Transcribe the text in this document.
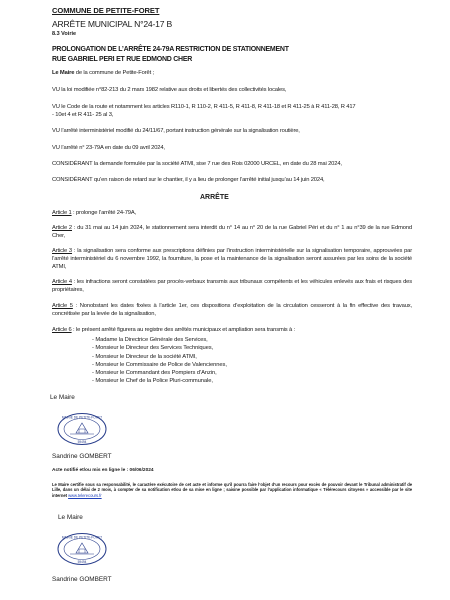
COMMUNE DE PETITE-FORET
ARRÊTE MUNICIPAL N°24-17 B
8.3 Voirie
PROLONGATION DE L’ARRÊTE 24-79A RESTRICTION DE STATIONNEMENT
RUE GABRIEL PERI ET RUE EDMOND CHER
Le Maire de la commune de Petite-Forêt ;
VU la loi modifiée n°82-213 du 2 mars 1982 relative aux droits et libertés des collectivités locales,
VU le Code de la route et notamment les articles R110-1, R 110-2, R 411-5, R 411-8, R 411-18 et R 411-25 à R 411-28, R 417
- 10et 4 et R 411- 25 al 3,
VU l’arrêté interministériel modifié du 24/11/67, portant instruction générale sur la signalisation routière,
VU l’arrêté n° 23-79A en date du 09 avril 2024,
CONSIDÉRANT la demande formulée par la société ATMI, sise 7 rue des Rois 02000 URCEL, en date du 28 mai 2024,
CONSIDÉRANT qu’en raison de retard sur le chantier, il y a lieu de prolonger l’arrêté initial jusqu’au 14 juin 2024,
ARRÊTE
Article 1 : prolonge l’arrêté 24-79A,
Article 2 : du 31 mai au 14 juin 2024, le stationnement sera interdit du n° 14 au n° 20 de la rue Gabriel Péri et du n° 1 au n°39 de la rue Edmond Cher,
Article 3 : la signalisation sera conforme aux prescriptions définies par l’instruction interministérielle sur la signalisation temporaire, approuvées par l’arrêté interministériel du 6 novembre 1992, la fourniture, la pose et la maintenance de la signalisation seront assurées par les soins de la société ATMI,
Article 4 : les infractions seront constatées par procès-verbaux transmis aux tribunaux compétents et les véhicules enlevés aux frais et risques des propriétaires,
Article 5 : Nonobstant les dates fixées à l’article 1er, ces dispositions d’exploitation de la circulation cesseront à la fin effective des travaux, concrétisée par la levée de la signalisation,
Article 6 : le présent arrêté figurera au registre des arrêtés municipaux et ampliation sera transmis à :
- Madame la Directrice Générale des Services,
- Monsieur le Directeur des Services Techniques,
- Monsieur le Directeur de la société ATMI,
- Monsieur le Commissaire de Police de Valenciennes,
- Monsieur le Commandant des Pompiers d’Anzin,
- Monsieur le Chef de la Police Pluri-communale,
Le Maire
MAIRIE DE PETITE-FORET
59494
Sandrine GOMBERT
Acte notifié et/ou mis en ligne le : 06/06/2024
Le Maire certifie sous sa responsabilité, le caractère exécutoire de cet acte et informe qu’il pourra faire l’objet d’un recours pour excès de pouvoir devant le Tribunal administratif de Lille, dans un délai de 2 mois, à compter de sa notification et/ou de sa mise en ligne ; saisine possible par l’application informatique « Télérecours citoyens » accessible par le site internet www.telerecours.fr
Le Maire
MAIRIE DE PETITE-FORET
59494
Sandrine GOMBERT
